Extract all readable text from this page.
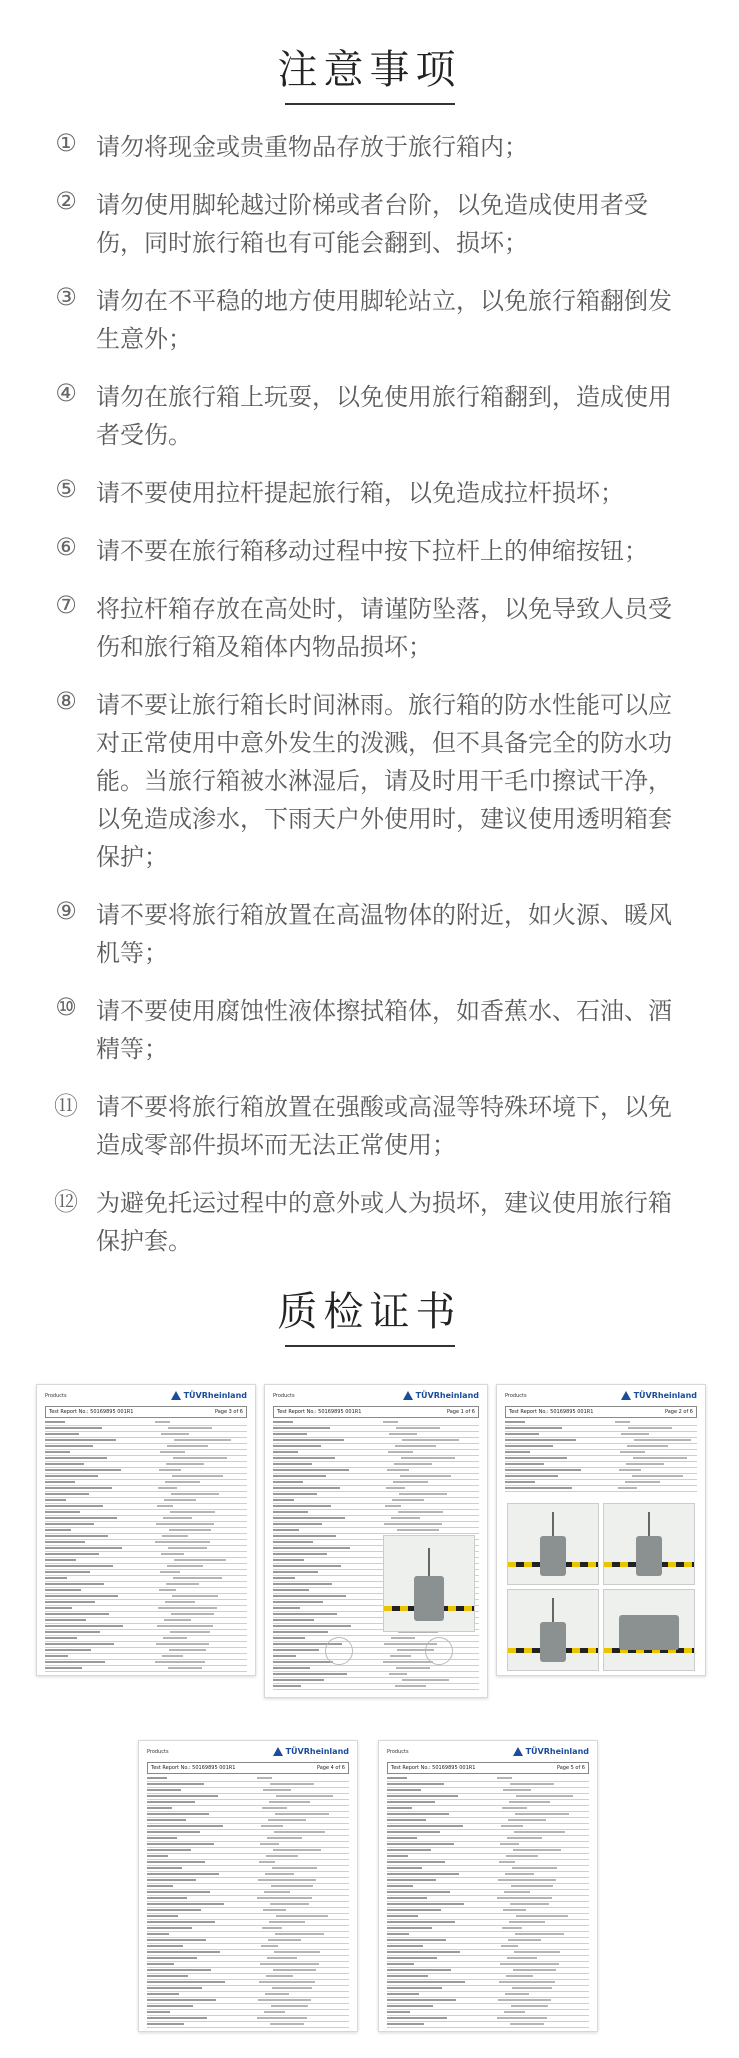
注意事项
① 请勿将现金或贵重物品存放于旅行箱内；
② 请勿使用脚轮越过阶梯或者台阶，以免造成使用者受伤，同时旅行箱也有可能会翻到、损坏；
③ 请勿在不平稳的地方使用脚轮站立，以免旅行箱翻倒发生意外；
④ 请勿在旅行箱上玩耍，以免使用旅行箱翻到，造成使用者受伤。
⑤ 请不要使用拉杆提起旅行箱，以免造成拉杆损坏；
⑥ 请不要在旅行箱移动过程中按下拉杆上的伸缩按钮；
⑦ 将拉杆箱存放在高处时，请谨防坠落，以免导致人员受伤和旅行箱及箱体内物品损坏；
⑧ 请不要让旅行箱长时间淋雨。旅行箱的防水性能可以应对正常使用中意外发生的泼溅，但不具备完全的防水功能。当旅行箱被水淋湿后，请及时用干毛巾擦试干净，以免造成渗水，下雨天户外使用时，建议使用透明箱套保护；
⑨ 请不要将旅行箱放置在高温物体的附近，如火源、暖风机等；
⑩ 请不要使用腐蚀性液体擦拭箱体，如香蕉水、石油、酒精等；
⑪ 请不要将旅行箱放置在强酸或高湿等特殊环境下，以免造成零部件损坏而无法正常使用；
⑫ 为避免托运过程中的意外或人为损坏，建议使用旅行箱保护套。
质检证书
Products	TÜVRheinland
Test Report No.: 50169895 001R1	Page 3 of 6
Products	TÜVRheinland
Test Report No.: 50169895 001R1	Page 1 of 6
Products	TÜVRheinland
Test Report No.: 50169895 001R1	Page 2 of 6
Products	TÜVRheinland
Test Report No.: 50169895 001R1	Page 4 of 6
Products	TÜVRheinland
Test Report No.: 50169895 001R1	Page 5 of 6
